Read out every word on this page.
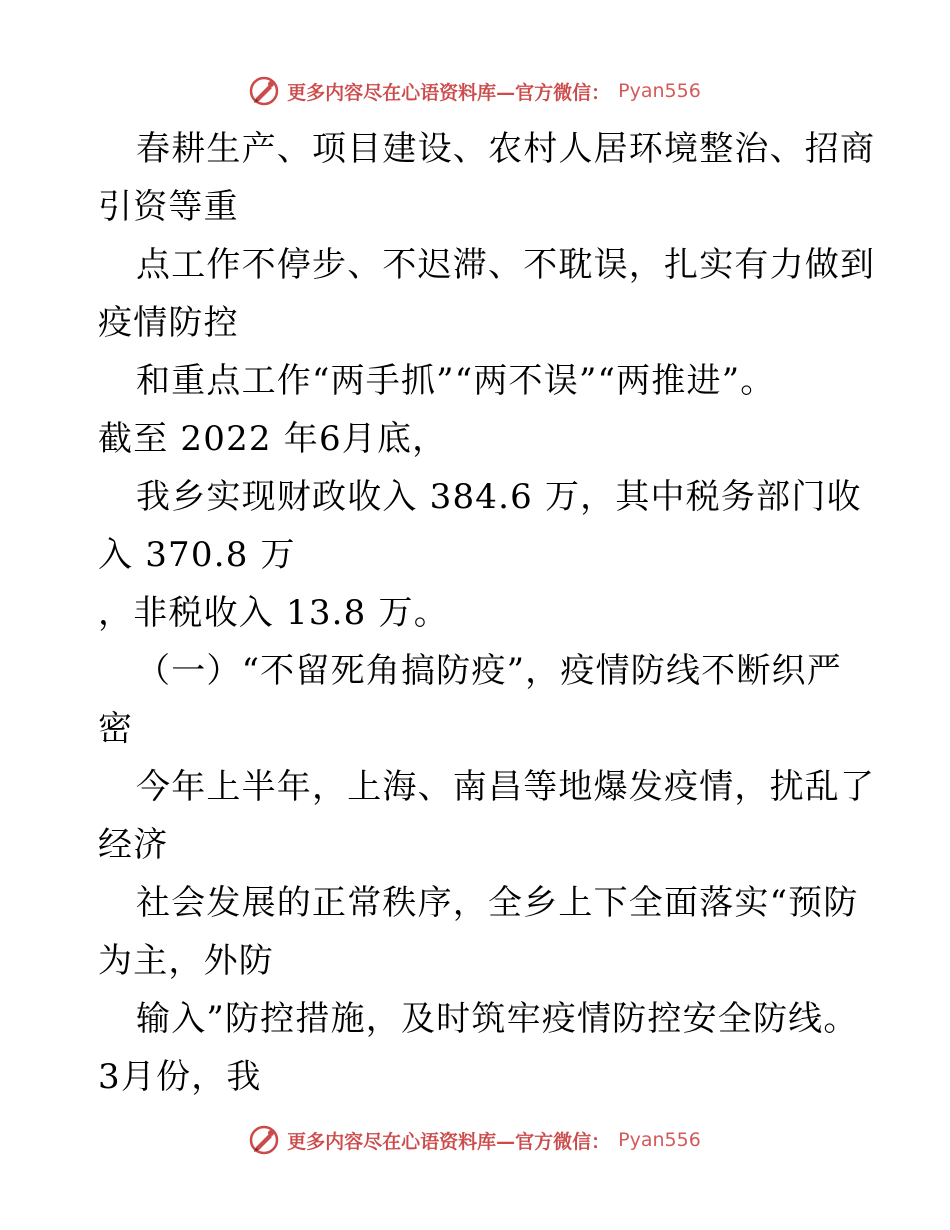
更多内容尽在心语资料库—官方微信： Pyan556
春耕生产、项目建设、农村人居环境整治、招商
引资等重
点工作不停步、不迟滞、不耽误，扎实有力做到
疫情防控
和重点工作“两手抓”“两不误”“两推进”。
截至 2022 年6月底，
我乡实现财政收入 384.6 万，其中税务部门收
入 370.8 万
，非税收入 13.8 万。
（一）“不留死角搞防疫”，疫情防线不断织严
密
今年上半年，上海、南昌等地爆发疫情，扰乱了
经济
社会发展的正常秩序，全乡上下全面落实“预防
为主，外防
输入”防控措施，及时筑牢疫情防控安全防线。
3月份，我
更多内容尽在心语资料库—官方微信： Pyan556
